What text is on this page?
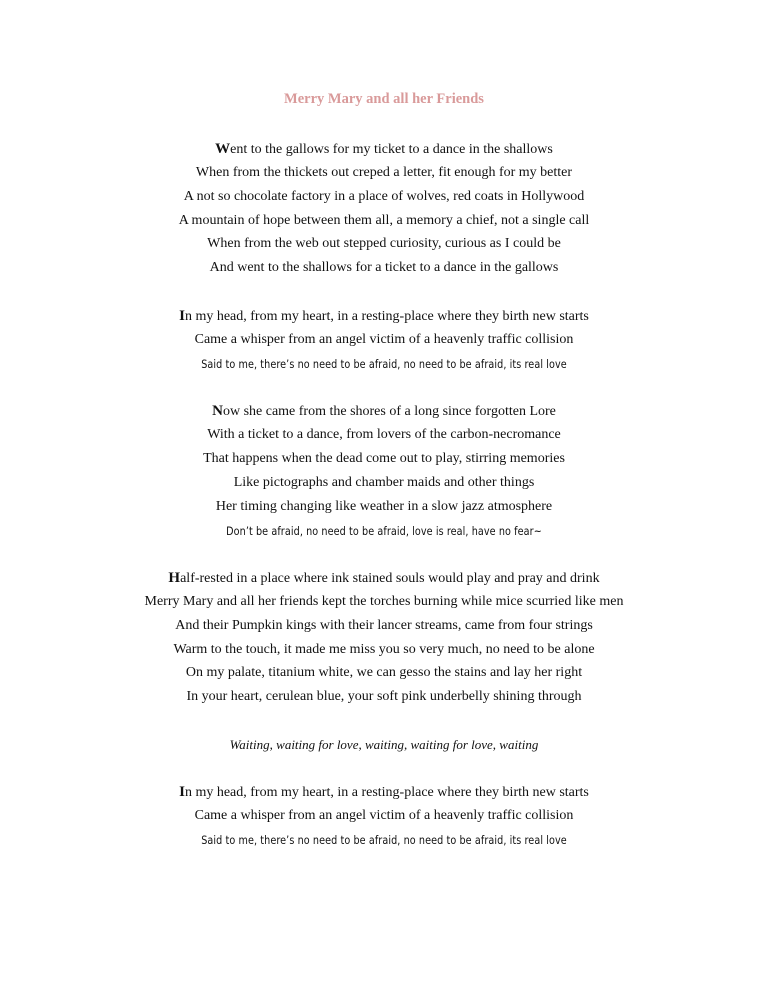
Merry Mary and all her Friends
Went to the gallows for my ticket to a dance in the shallows
When from the thickets out creped a letter, fit enough for my better
A not so chocolate factory in a place of wolves, red coats in Hollywood
A mountain of hope between them all, a memory a chief, not a single call
When from the web out stepped curiosity, curious as I could be
And went to the shallows for a ticket to a dance in the gallows
In my head, from my heart, in a resting-place where they birth new starts
Came a whisper from an angel victim of a heavenly traffic collision
Said to me, there’s no need to be afraid, no need to be afraid, its real love
Now she came from the shores of a long since forgotten Lore
With a ticket to a dance, from lovers of the carbon-necromance
That happens when the dead come out to play, stirring memories
Like pictographs and chamber maids and other things
Her timing changing like weather in a slow jazz atmosphere
Don’t be afraid, no need to be afraid, love is real, have no fear~
Half-rested in a place where ink stained souls would play and pray and drink
Merry Mary and all her friends kept the torches burning while mice scurried like men
And their Pumpkin kings with their lancer streams, came from four strings
Warm to the touch, it made me miss you so very much, no need to be alone
On my palate, titanium white, we can gesso the stains and lay her right
In your heart, cerulean blue, your soft pink underbelly shining through
Waiting, waiting for love, waiting, waiting for love, waiting
In my head, from my heart, in a resting-place where they birth new starts
Came a whisper from an angel victim of a heavenly traffic collision
Said to me, there’s no need to be afraid, no need to be afraid, its real love
